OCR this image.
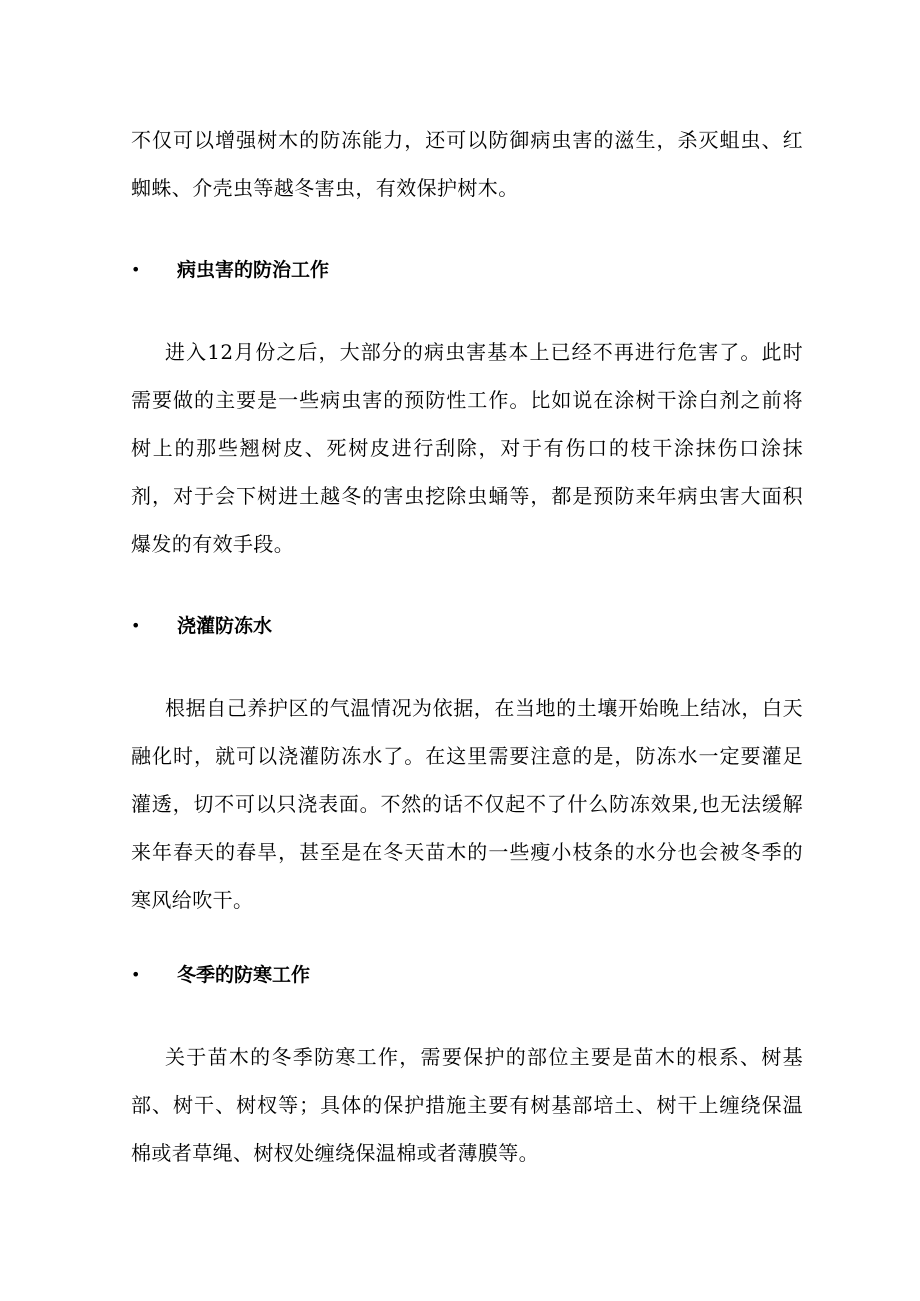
不仅可以增强树木的防冻能力，还可以防御病虫害的滋生，杀灭蛆虫、红蜘蛛、介壳虫等越冬害虫，有效保护树木。

• 病虫害的防治工作

进入12月份之后，大部分的病虫害基本上已经不再进行危害了。此时需要做的主要是一些病虫害的预防性工作。比如说在涂树干涂白剂之前将树上的那些翘树皮、死树皮进行刮除，对于有伤口的枝干涂抹伤口涂抹剂，对于会下树进土越冬的害虫挖除虫蛹等，都是预防来年病虫害大面积爆发的有效手段。

• 浇灌防冻水

根据自己养护区的气温情况为依据，在当地的土壤开始晚上结冰，白天融化时，就可以浇灌防冻水了。在这里需要注意的是，防冻水一定要灌足灌透，切不可以只浇表面。不然的话不仅起不了什么防冻效果,也无法缓解来年春天的春旱，甚至是在冬天苗木的一些瘦小枝条的水分也会被冬季的寒风给吹干。

• 冬季的防寒工作

关于苗木的冬季防寒工作，需要保护的部位主要是苗木的根系、树基部、树干、树杈等；具体的保护措施主要有树基部培土、树干上缠绕保温棉或者草绳、树杈处缠绕保温棉或者薄膜等。
